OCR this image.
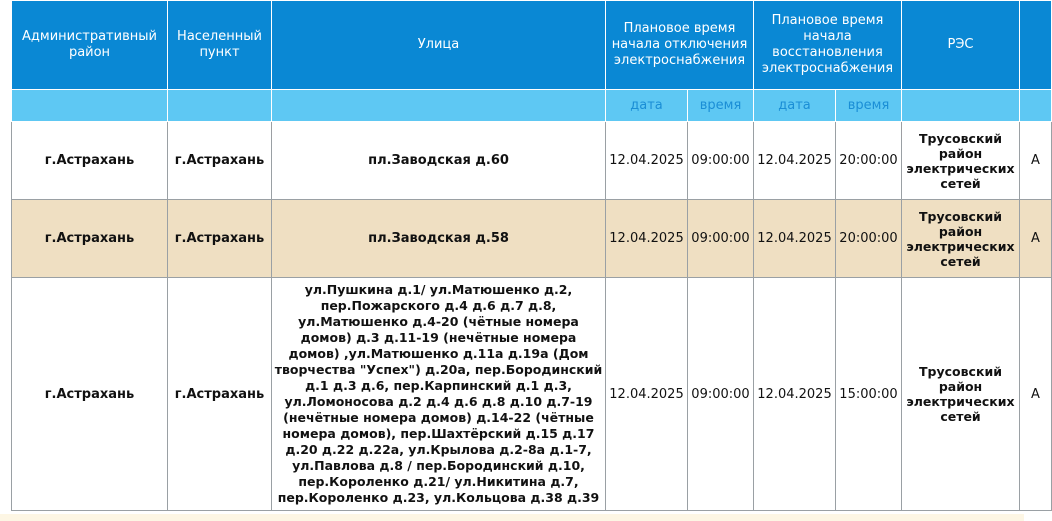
Административный район	Населенный пункт	Улица	Плановое время начала отключения электроснабжения		Плановое время начала восстановления электроснабжения		РЭС	
			дата	время	дата	время		
г.Астрахань	г.Астрахань	пл.Заводская д.60	12.04.2025	09:00:00	12.04.2025	20:00:00	Трусовский район электрических сетей	А
г.Астрахань	г.Астрахань	пл.Заводская д.58	12.04.2025	09:00:00	12.04.2025	20:00:00	Трусовский район электрических сетей	А
г.Астрахань	г.Астрахань	ул.Пушкина д.1/ ул.Матюшенко д.2, пер.Пожарского д.4 д.6 д.7 д.8, ул.Матюшенко д.4-20 (чётные номера домов) д.3 д.11-19 (нечётные номера домов) ,ул.Матюшенко д.11а д.19а (Дом творчества "Успех") д.20а, пер.Бородинский д.1 д.3 д.6, пер.Карпинский д.1 д.3, ул.Ломоносова д.2 д.4 д.6 д.8 д.10 д.7-19 (нечётные номера домов) д.14-22 (чётные номера домов), пер.Шахтёрский д.15 д.17 д.20 д.22 д.22а, ул.Крылова д.2-8а д.1-7, ул.Павлова д.8 / пер.Бородинский д.10, пер.Короленко д.21/ ул.Никитина д.7, пер.Короленко д.23, ул.Кольцова д.38 д.39	12.04.2025	09:00:00	12.04.2025	15:00:00	Трусовский район электрических сетей	А
